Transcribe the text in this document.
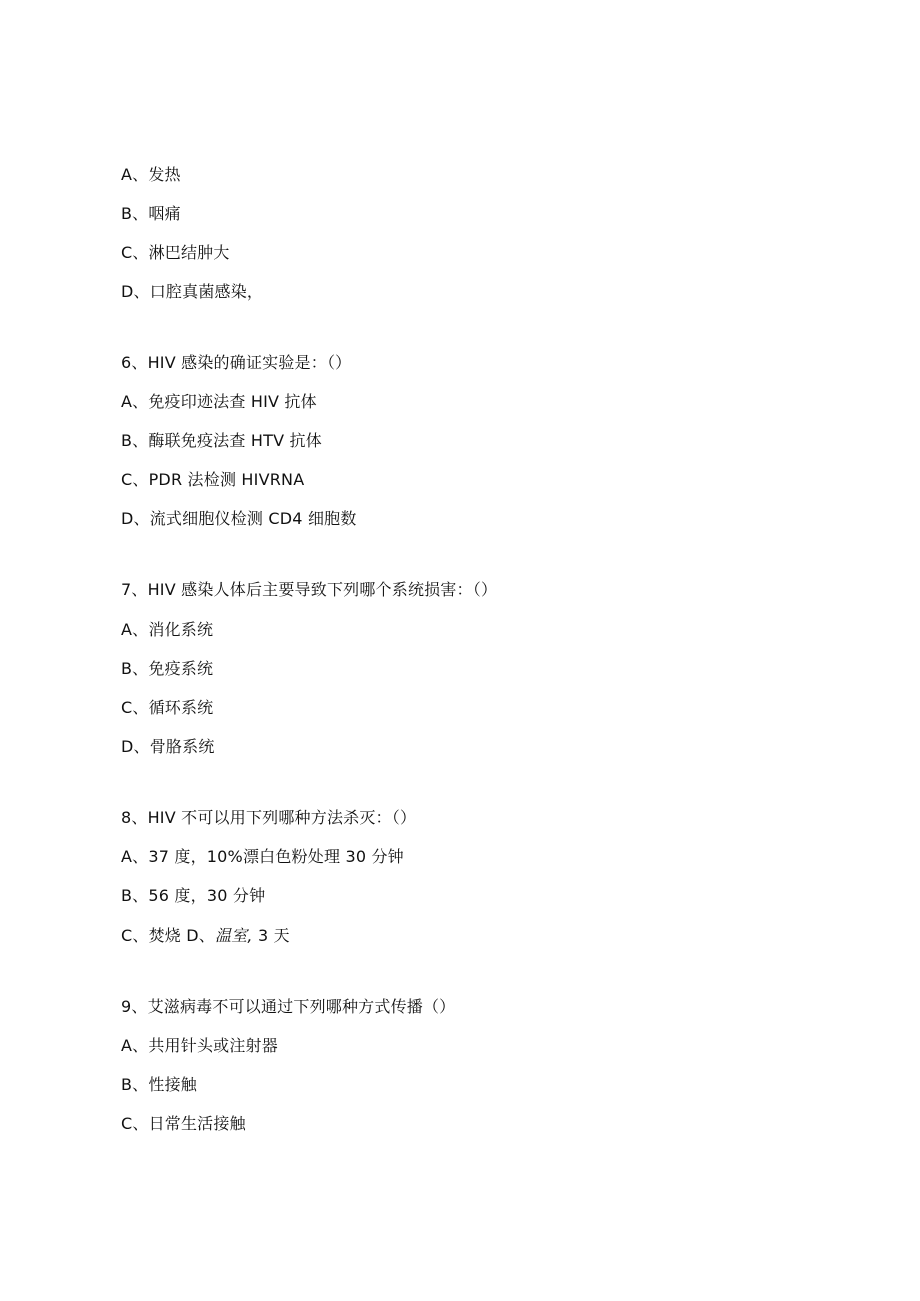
A、发热
B、咽痛
C、淋巴结肿大
D、口腔真菌感染，
6、HIV 感染的确证实验是：（）
A、免疫印迹法查 HIV 抗体
B、酶联免疫法查 HTV 抗体
C、PDR 法检测 HIVRNA
D、流式细胞仪检测 CD4 细胞数
7、HIV 感染人体后主要导致下列哪个系统损害：（）
A、消化系统
B、免疫系统
C、循环系统
D、骨胳系统
8、HIV 不可以用下列哪种方法杀灭：（）
A、37 度，10%漂白色粉处理 30 分钟
B、56 度，30 分钟
C、焚烧 D、温室, 3 天
9、艾滋病毒不可以通过下列哪种方式传播（）
A、共用针头或注射器
B、性接触
C、日常生活接触
